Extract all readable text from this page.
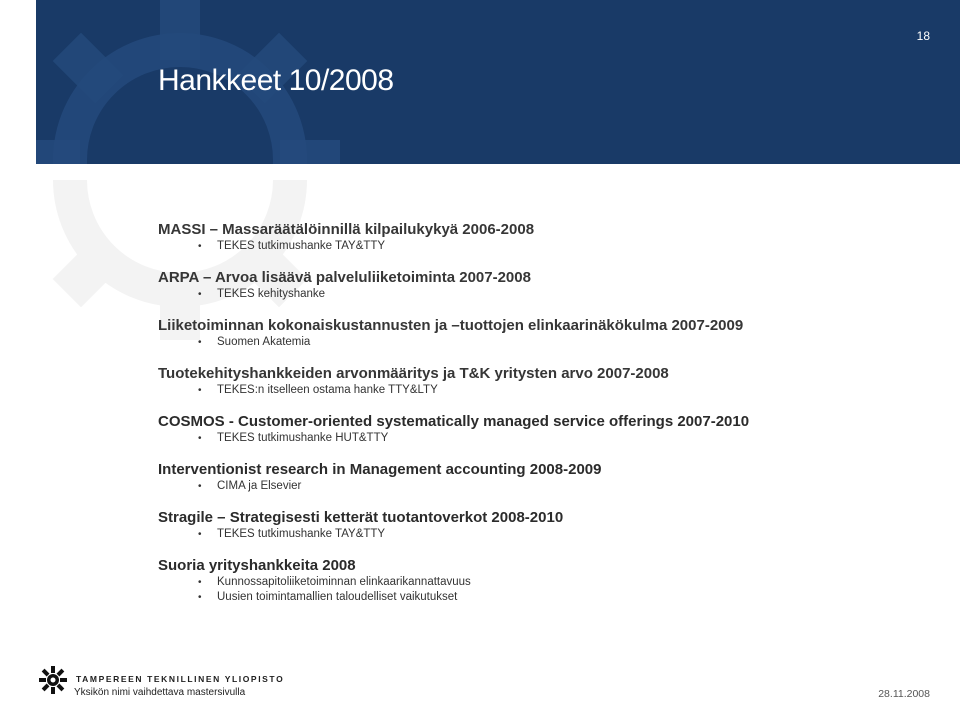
18
Hankkeet 10/2008
MASSI – Massaräätälöinnillä kilpailukykyä 2006-2008
• TEKES tutkimushanke TAY&TTY
ARPA – Arvoa lisäävä palveluliiketoiminta 2007-2008
• TEKES kehityshanke
Liiketoiminnan kokonaiskustannusten ja –tuottojen elinkaarinäkökulma 2007-2009
• Suomen Akatemia
Tuotekehityshankkeiden arvonmääritys ja T&K yritysten arvo 2007-2008
• TEKES:n itselleen ostama hanke TTY&LTY
COSMOS - Customer-oriented systematically managed service offerings 2007-2010
• TEKES tutkimushanke HUT&TTY
Interventionist research in Management accounting 2008-2009
• CIMA ja Elsevier
Stragile – Strategisesti ketterät tuotantoverkot 2008-2010
• TEKES tutkimushanke TAY&TTY
Suoria yrityshankkeita 2008
• Kunnossapitoliiketoiminnan elinkaarikannattavuus
• Uusien toimintamallien taloudelliset vaikutukset
TAMPEREEN TEKNILLINEN YLIOPISTO
Yksikön nimi vaihdettava mastersivulla	28.11.2008
